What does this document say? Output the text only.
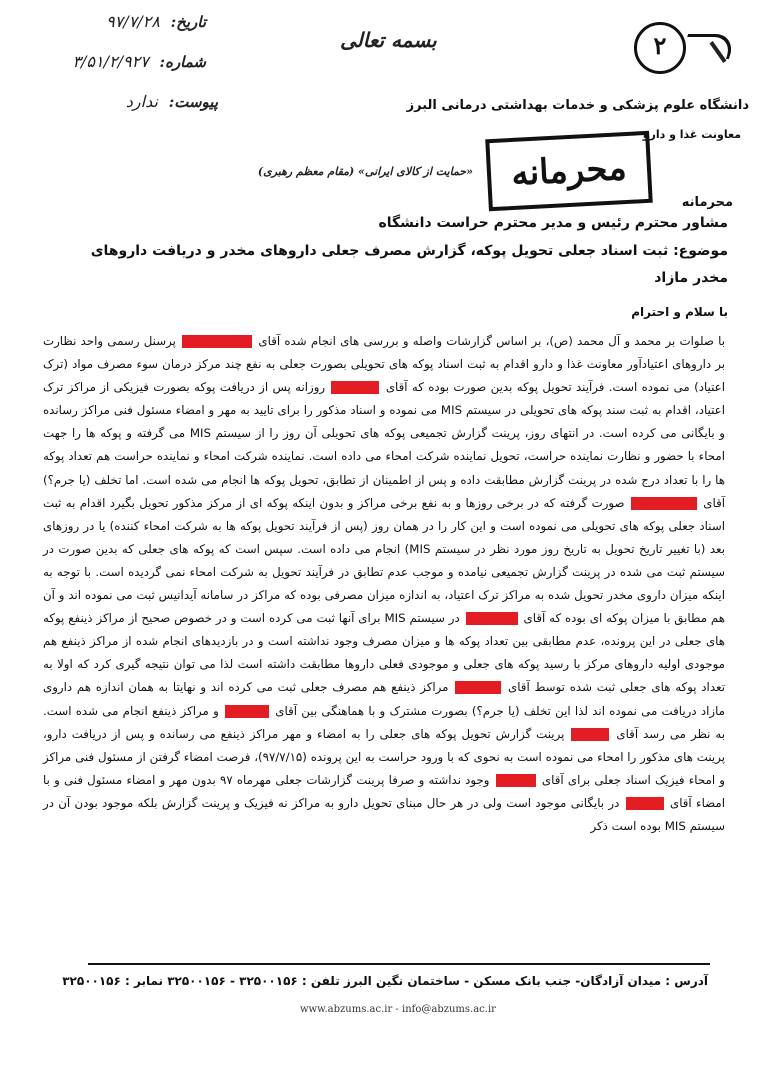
تاریخ: ۹۷/۷/۲۸
شماره: ۳/۵۱/۲/۹۲۷
پیوست: ندارد
بسمه تعالی	۲
دانشگاه علوم پزشکی و خدمات بهداشتی درمانی البرز
معاونت غذا و دارو
محرمانه
«حمایت از کالای ایرانی» (مقام معظم رهبری)
محرمانه
مشاور محترم رئیس و مدیر محترم حراست دانشگاه
موضوع: ثبت اسناد جعلی تحویل پوکه، گزارش مصرف جعلی داروهای مخدر و دریافت داروهای مخدر مازاد
با سلام و احترام

با صلوات بر محمد و آل محمد (ص)، بر اساس گزارشات واصله و بررسی های انجام شده آقای  پرسنل رسمی واحد نظارت بر داروهای اعتیادآور معاونت غذا و دارو اقدام به ثبت اسناد پوکه های تحویلی بصورت جعلی به نفع چند مرکز درمان سوء مصرف مواد (ترک اعتیاد) می نموده است. فرآیند تحویل پوکه بدین صورت بوده که آقای  روزانه پس از دریافت پوکه بصورت فیزیکی از مراکز ترک اعتیاد، اقدام به ثبت سند پوکه های تحویلی در سیستم MIS می نموده و اسناد مذکور را برای تایید به مهر و امضاء مسئول فنی مراکز رسانده و بایگانی می کرده است. در انتهای روز، پرینت گزارش تجمیعی پوکه های تحویلی آن روز را از سیستم MIS می گرفته و پوکه ها را جهت امحاء با حضور و نظارت نماینده حراست، تحویل نماینده شرکت امحاء می داده است. نماینده شرکت امحاء و نماینده حراست هم تعداد پوکه ها را با تعداد درج شده در پرینت گزارش مطابقت داده و پس از اطمینان از تطابق، تحویل پوکه ها انجام می شده است. اما تخلف (یا جرم؟) آقای  صورت گرفته که در برخی روزها و به نفع برخی مراکز و بدون اینکه پوکه ای از مرکز مذکور تحویل بگیرد اقدام به ثبت اسناد جعلی پوکه های تحویلی می نموده است و این کار را در همان روز (پس از فرآیند تحویل پوکه ها به شرکت امحاء کننده) یا در روزهای بعد (با تغییر تاریخ تحویل به تاریخ روز مورد نظر در سیستم MIS) انجام می داده است. سپس است که پوکه های جعلی که بدین صورت در سیستم ثبت می شده در پرینت گزارش تجمیعی نیامده و موجب عدم تطابق در فرآیند تحویل به شرکت امحاء نمی گردیده است. با توجه به اینکه میزان داروی مخدر تحویل شده به مراکز ترک اعتیاد، به اندازه میزان مصرفی بوده که مراکز در سامانه آیدانیس ثبت می نموده اند و آن هم مطابق با میزان پوکه ای بوده که آقای  در سیستم MIS برای آنها ثبت می کرده است و در خصوص صحیح از مراکز ذینفع پوکه های جعلی در این پرونده، عدم مطابقی بین تعداد پوکه ها و میزان مصرف وجود نداشته است و در بازدیدهای انجام شده از مراکز ذینفع هم موجودی اولیه داروهای مرکز با رسید پوکه های جعلی و موجودی فعلی داروها مطابقت داشته است لذا می توان نتیجه گیری کرد که اولا به تعداد پوکه های جعلی ثبت شده توسط آقای  مراکز ذینفع هم مصرف جعلی ثبت می کرده اند و نهایتا به همان اندازه هم داروی مازاد دریافت می نموده اند لذا این تخلف (یا جرم؟) بصورت مشترک و با هماهنگی بین آقای  و مراکز ذینفع انجام می شده است. به نظر می رسد آقای  پرینت گزارش تحویل پوکه های جعلی را به امضاء و مهر مراکز ذینفع می رسانده و پس از دریافت دارو، پرینت های مذکور را امحاء می نموده است به نحوی که با ورود حراست به این پرونده (۹۷/۷/۱۵)، فرصت امضاء گرفتن از مسئول فنی مراکز و امحاء فیزیک اسناد جعلی برای آقای  وجود نداشته و صرفا پرینت گزارشات جعلی مهرماه ۹۷ بدون مهر و امضاء مسئول فنی و با امضاء آقای  در بایگانی موجود است ولی در هر حال مبنای تحویل دارو به مراکز نه فیزیک و پرینت گزارش بلکه موجود بودن آن در سیستم MIS بوده است ذکر

آدرس : میدان آزادگان- جنب بانک مسکن - ساختمان نگین البرز تلفن : ۳۲۵۰۰۱۵۶ - ۳۲۵۰۰۱۵۶ نمابر : ۳۲۵۰۰۱۵۶
www.abzums.ac.ir - info@abzums.ac.ir
